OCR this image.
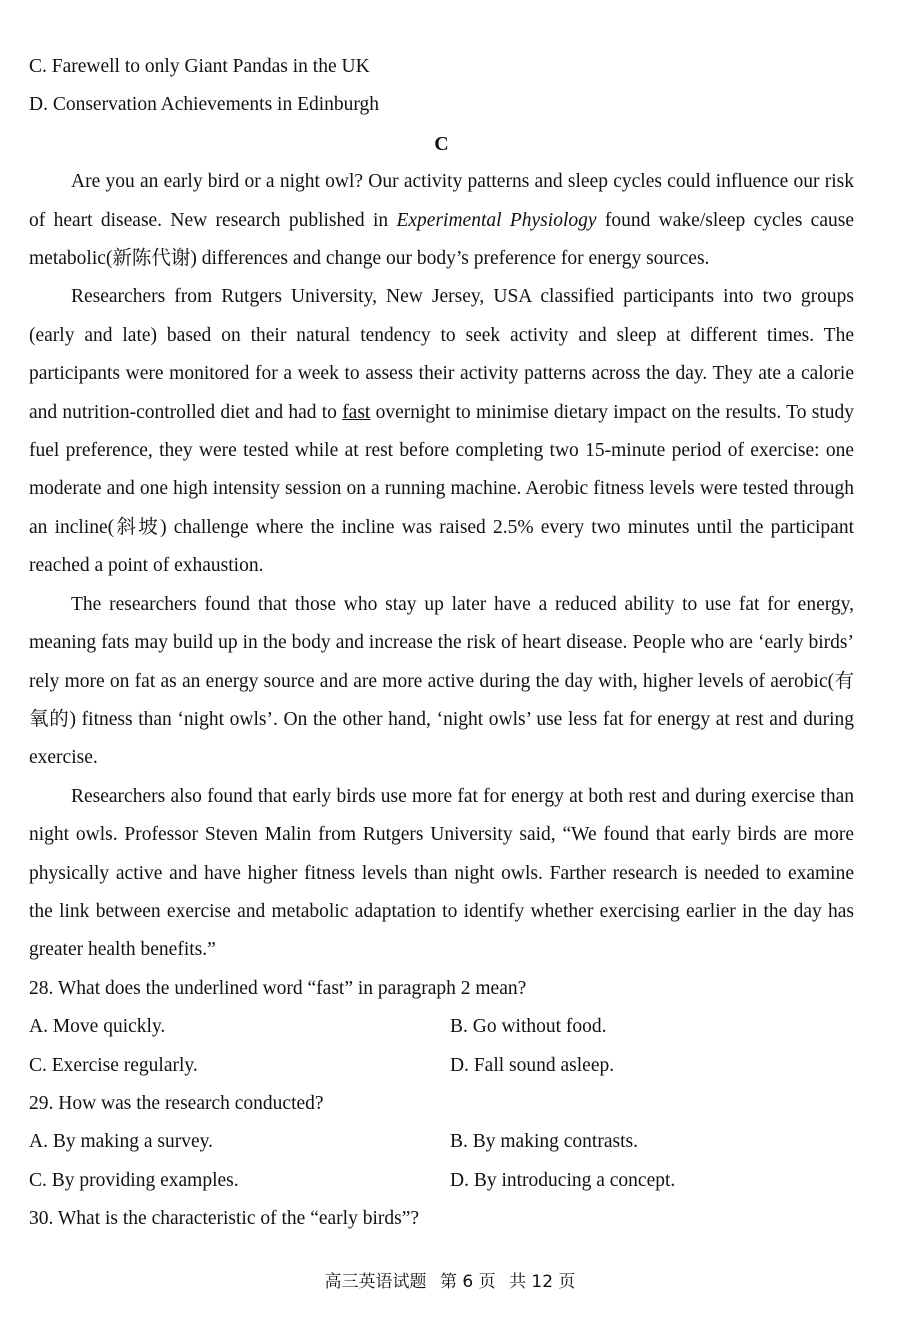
C. Farewell to only Giant Pandas in the UK

D. Conservation Achievements in Edinburgh

C

Are you an early bird or a night owl? Our activity patterns and sleep cycles could influence our risk of heart disease. New research published in Experimental Physiology found wake/sleep cycles cause metabolic(新陈代谢) differences and change our body’s preference for energy sources.

Researchers from Rutgers University, New Jersey, USA classified participants into two groups (early and late) based on their natural tendency to seek activity and sleep at different times. The participants were monitored for a week to assess their activity patterns across the day. They ate a calorie and nutrition-controlled diet and had to fast overnight to minimise dietary impact on the results. To study fuel preference, they were tested while at rest before completing two 15-minute period of exercise: one moderate and one high intensity session on a running machine. Aerobic fitness levels were tested through an incline(斜坡) challenge where the incline was raised 2.5% every two minutes until the participant reached a point of exhaustion.

The researchers found that those who stay up later have a reduced ability to use fat for energy, meaning fats may build up in the body and increase the risk of heart disease. People who are ‘early birds’ rely more on fat as an energy source and are more active during the day with, higher levels of aerobic(有氧的) fitness than ‘night owls’. On the other hand, ‘night owls’ use less fat for energy at rest and during exercise.

Researchers also found that early birds use more fat for energy at both rest and during exercise than night owls. Professor Steven Malin from Rutgers University said, “We found that early birds are more physically active and have higher fitness levels than night owls. Farther research is needed to examine the link between exercise and metabolic adaptation to identify whether exercising earlier in the day has greater health benefits.”

28. What does the underlined word “fast” in paragraph 2 mean?

A. Move quickly.	B. Go without food.
C. Exercise regularly.	D. Fall sound asleep.

29. How was the research conducted?

A. By making a survey.	B. By making contrasts.
C. By providing examples.	D. By introducing a concept.

30. What is the characteristic of the “early birds”?

高三英语试题 第 6 页 共 12 页
